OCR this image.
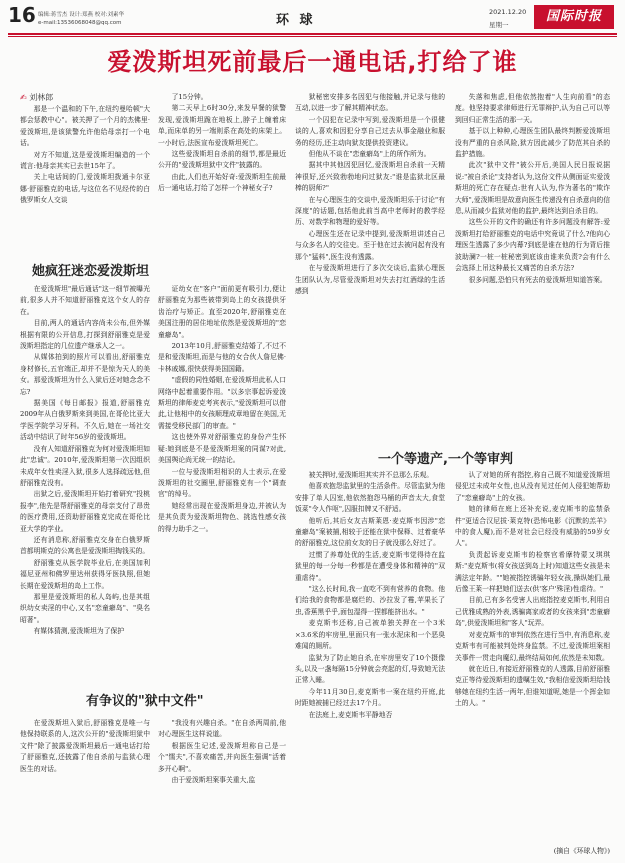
16 编辑:蒋雪杰 设计:郑燕 校对:刘素华
e-mail:13536068048@qq.com	环 球
2021.12.20
星期一
国际时报
爱泼斯坦死前最后一通电话,打给了谁
✍ 刘林郎

那是一个温和的下午,在纽约曼哈顿"大都会惩教中心"。被关押了一个月的杰佛里·爱泼斯坦,是该狱警允许他给母亲打一个电话。

对方不知道,这是爱泼斯坦编造的一个谎言:他母亲其实已去世15年了。

关上电话间的门,爱泼斯坦拨通卡尔亚娜·舒丽雅克的电话,与这位名不见经传的白俄罗斯女人交谈

了15分钟。

第二天早上6时30分,来发早餐的狱警发现,爱泼斯坦跪在地板上,脖子上缠着床单,而床单的另一端则系在高处的床架上。一小时后,法医宣布爱泼斯坦死亡。

这些爱泼斯坦自杀前的细节,都是最近公开的"爱泼斯坦狱中文件"披露的。

由此,人们也开始好奇:爱泼斯坦生前最后一通电话,打给了怎样一个神秘女子?

狱秘密安排多名因犯与他接触,并记录与他的互动,以进一步了解其精神状态。

一个囚犯在记录中写到,爱泼斯坦是一个很健谈的人,喜欢和因犯分享自己过去从事金融业和服务的经历,还主动向狱友提供投资建议。

但他从不谈在"恋童癖岛"上的所作所为。

据其中其他因犯回忆,爱泼斯坦自杀前一天精神很好,还兴致勃勃地问过狱友:"谁是监狱北区最棒的厨师?"

在与心理医生的交谈中,爱泼斯坦乐于讨论"有深度"的话题,包括他此前当高中老师时的教学经历、对数学和物理的爱好等。

心理医生还在记录中提到,爱泼斯坦讲述自己与众多名人的交往史。至于他在过去被问起有没有那个"猛料",医生没有透露。

在与爱泼斯坦进行了多次交谈后,监狱心理医生团队认为,尽管爱泼斯坦对失去打红酒绿的生活感到

失落和焦虑,但他依然抱着"人生向前看"的态度。他坚持要求律师进行无罪辩护,认为自己可以等到回归正常生活的那一天。

基于以上种种,心理医生团队最终判断爱泼斯坦没有严重的自杀风险,狱方因此减少了防范其自杀的监护措施。

此次"狱中文件"被公开后,美国人民日报说据说:"被自杀论"支持者认为,这份文件从侧面证实爱泼斯坦的死亡存在疑点:世有人认为,作为著名的"欺诈大师",爱泼斯坦是故意向医生传递没有自杀意向的信息,从而减少监狱对他的监护,最终达到自杀目的。

这些公开的文件的确还有许多问题没有解答:爱泼斯坦打给舒丽雅克的电话中究竟说了什么?他向心理医生透露了多少内幕?到底是谁在他的行为背后推波助澜?一桩一桩秘密到底该由谁来负责?会有什么会选择上吊这种最长又痛苦的自杀方法?

很多问题,恐怕只有死去的爱泼斯坦知道答案。

她疯狂迷恋爱泼斯坦

在爱泼斯坦"最后通话"这一细节被曝光前,很多人并不知道舒丽雅克这个女人的存在。

目前,两人的通话内容尚未公布,但外媒根据有限的公开信息,打探到舒丽雅克是爱泼斯坦指定的几位遗产继承人之一。

从媒体拍到的照片可以看出,舒丽雅克身材修长,五官端正,却并不是惊为天人的美女。那爱泼斯坦为什么入狱后还对她念念不忘?

据美国《每日邮报》报道,舒丽雅克2009年从白俄罗斯来到美国,在哥伦比亚大学医学院学习牙科。不久后,她在一场社交活动中结识了时年56岁的爱泼斯坦。

没有人知道舒丽雅克为何对爱泼斯坦如此"忠诚"。2010年,爱泼斯坦第一次因组织未成年女性卖淫入狱,很多人选择疏远他,但舒丽雅克没有。

出狱之后,爱泼斯坦开始打着研究"投桃报李",他先是帮舒丽雅克的母亲支付了昂贵的医疗费用,还资助舒丽雅克完成在哥伦比亚大学的学业。

还有消息称,舒丽雅克交身在白俄罗斯首都明斯克的公寓也是爱泼斯坦掏钱买的。

舒丽雅克从医学院毕业后,在美国加利福尼亚州和佛罗里达州获得牙医执照,但她长期在爱泼斯坦的岛上工作。

那里是爱泼斯坦的私人岛屿,也是其组织幼女卖淫的中心,又名"恋童癖岛"、"臭名昭著"。

有媒体猜测,爱泼斯坦为了保护

证幼女在"客户"面前更有吸引力,便让舒丽雅克为那些被带到岛上的女孩提供牙齿治疗与矫正。直至2020年,舒丽雅克在美国注册的居住地址依然是爱泼斯坦的"恋童癖岛"。

2013年10月,舒丽雅克结婚了,不过不是和爱泼斯坦,而是与他的女合伙人詹尼佛·卡林戚娜,很快获得美国国籍。

"虚假的同性婚姻,在爱泼斯坦此私人口网络中起着重要作用。"以多宗事起诉爱泼斯坦的律师麦克考宾表示,"爱泼斯坦可以借此,让他相中的女孩顺理成章地留在美国,无需接受移民部门的审查。"

这也使外界对舒丽雅克的身份产生怀疑:她到底是不是爱泼斯坦案的同谋?对此,美国舆论尚无统一的结论。

一位与爱泼斯坦相识的人士表示,在爱泼斯坦的社交圈里,舒丽雅克有一个"调查官"的绰号。

她经常出现在爱泼斯坦身边,并被认为是其负责为爱泼斯坦物色、挑选性感女孩的得力助手之一。

一个等遗产,一个等审判

被关押时,爱泼斯坦其实并不总那么乐观。

他喜欢抱怨监狱里的生活条件。尽管监狱为他安排了单人囚室,他依然抱怨马桶的声音太大,食堂饭菜"令人作呕",囚服扣牌又不舒适。

他听后,其后女友吉斯莱恩·麦克斯韦因涉"恋童癖岛"案被捕,相较于还能在狱中保释、过着豪华的舒丽雅克,这位前女友的日子就没那么好过了。

过惯了养尊处优的生活,麦克斯韦觉得待在监狱里的每一分每一秒都是在遭受身体和精神的"双重虐待"。

"这么长时间,我一直吃不到有营养的食物。他们给我的食物都是腐烂的、沙拉发了霉,苹果长了虫,香蕉黑乎乎,面包湿得一捏都能挤出水。"

麦克斯韦还称,自己被单独关押在一个3米×3.6米的牢房里,里面只有一张水泥床和一个恶臭难闻的厕所。

监狱为了防止她自杀,在牢房里安了10个摄像头,以及一盏每隔15分钟就会亮起的灯,导致她无法正常入睡。

今年11月30日,麦克斯韦一案在纽约开庭,此时距她被捕已经过去17个月。

在法庭上,麦克斯韦平静地否

认了对她的所有指控,称自己既不知道爱泼斯坦侵犯过未成年女性,也从没有见过任何人侵犯她帮助了"恋童癖岛"上的女孩。

她的律师在庭上还补充说,麦克斯韦的监禁条件"更适合汉尼拔·莱克特(恐怖电影《沉默的羔羊》中的食人魔),而不是对社会已经没有威胁的59岁女人"。

负责起诉麦克斯韦的检察官希摩特蒙又琪琪斯:"麦克斯韦(将女孩送到岛上时)知道这些女孩是未满法定年龄。""她被指控诱骗年轻女孩,操纵她们,最后像王莱一样把她们送去(供'客户'殊淫)性虐待。"

目前,已有多名受害人出庭指控麦克斯韦,利用自己优雅成熟的外表,诱骗离家或者的女孩来到"恋童癖岛",供爱泼斯坦和"客人"玩弄。

对麦克斯韦的审判依然在进行当中,有消息称,麦克斯韦有可能被判处终身监禁。不过,爱泼斯坦案相关事件一贯走向魔幻,最终结局如何,依然是未知数。

就在近日,有接近舒丽雅克的人透露,目前舒丽雅克正等待爱泼斯坦的遗嘱生效,"我相信爱泼斯坦给钱够她在纽约生活一两年,但谁知道呢,她是一个挥金如土的人。"

(摘自《环球人物》)
有争议的"狱中文件"

在爱泼斯坦入狱后,舒丽雅克是唯一与他保持联系的人,这次公开的"爱泼斯坦狱中文件"除了披露爱泼斯坦最后一通电话打给了舒丽雅克,还披露了他自杀前与监狱心理医生的对话。

"我没有兴趣自杀。"在自杀两周前,他对心理医生这样说道。

根据医生记述,爱泼斯坦称自己是一个"懦夫",不喜欢痛苦,并向医生强调"活着多开心啊"。

由于爱泼斯坦案事关重大,监
